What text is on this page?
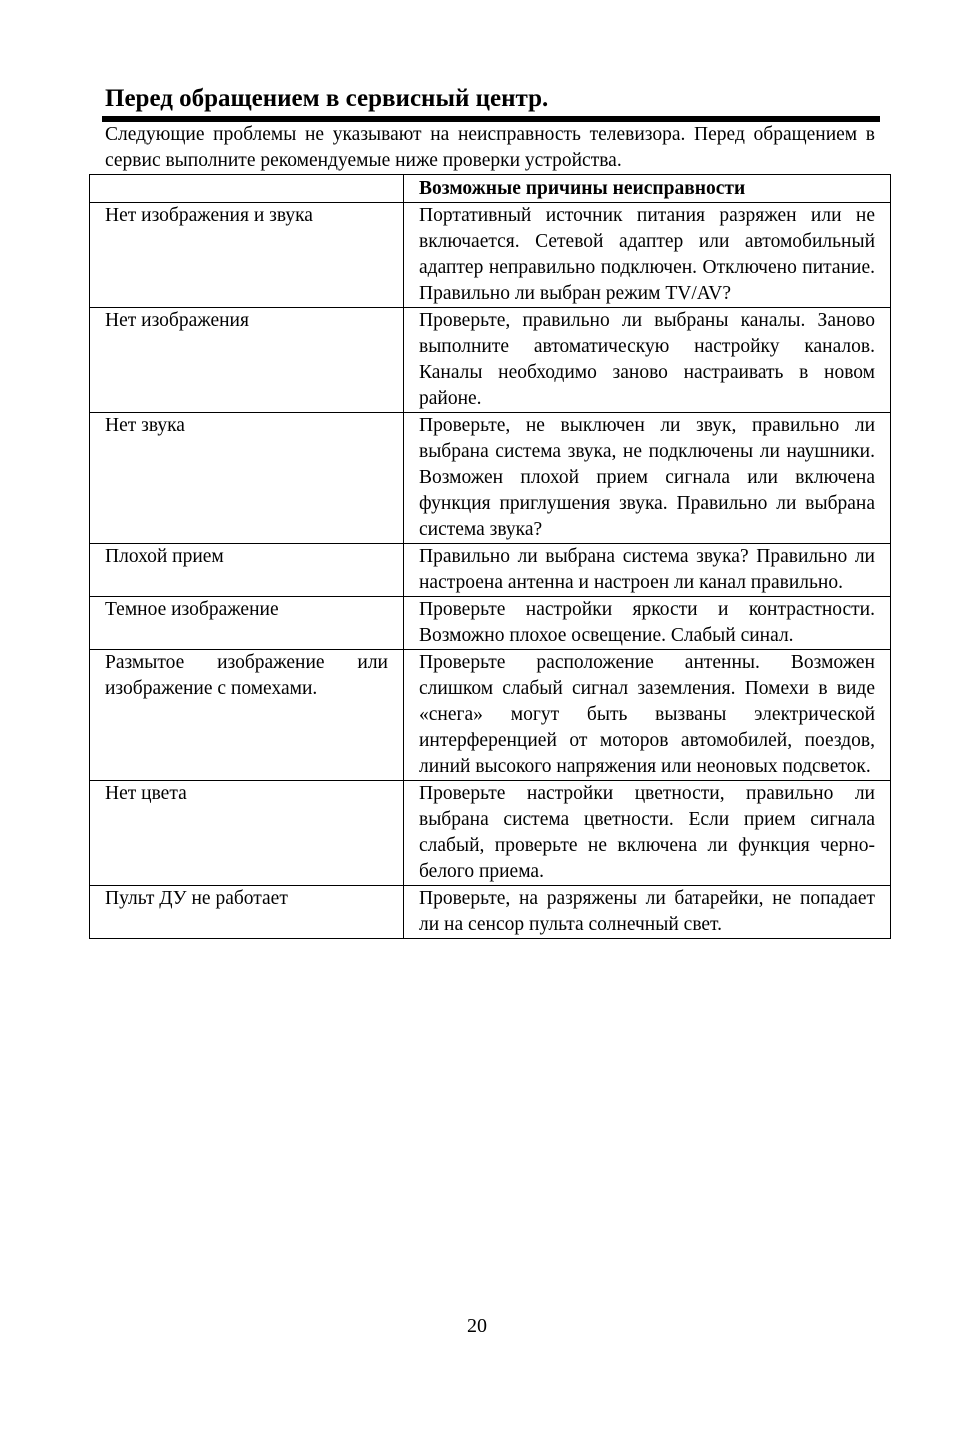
Перед обращением в сервисный центр.

Следующие проблемы не указывают на неисправность телевизора. Перед обращением в сервис выполните рекомендуемые ниже проверки устройства.

	Возможные причины неисправности
Нет изображения и звука	Портативный источник питания разряжен или не включается. Сетевой адаптер или автомобильный адаптер неправильно подключен. Отключено питание. Правильно ли выбран режим TV/AV?
Нет изображения	Проверьте, правильно ли выбраны каналы. Заново выполните автоматическую настройку каналов. Каналы необходимо заново настраивать в новом районе.
Нет звука	Проверьте, не выключен ли звук, правильно ли выбрана система звука, не подключены ли наушники. Возможен плохой прием сигнала или включена функция приглушения звука. Правильно ли выбрана система звука?
Плохой прием	Правильно ли выбрана система звука? Правильно ли настроена антенна и настроен ли канал правильно.
Темное изображение	Проверьте настройки яркости и контрастности. Возможно плохое освещение. Слабый синал.
Размытое изображение или изображение с помехами.	Проверьте расположение антенны. Возможен слишком слабый сигнал заземления. Помехи в виде «снега» могут быть вызваны электрической интерференцией от моторов автомобилей, поездов, линий высокого напряжения или неоновых подсветок.
Нет цвета	Проверьте настройки цветности, правильно ли выбрана система цветности. Если прием сигнала слабый, проверьте не включена ли функция черно-белого приема.
Пульт ДУ не работает	Проверьте, на разряжены ли батарейки, не попадает ли на сенсор пульта солнечный свет.
20
